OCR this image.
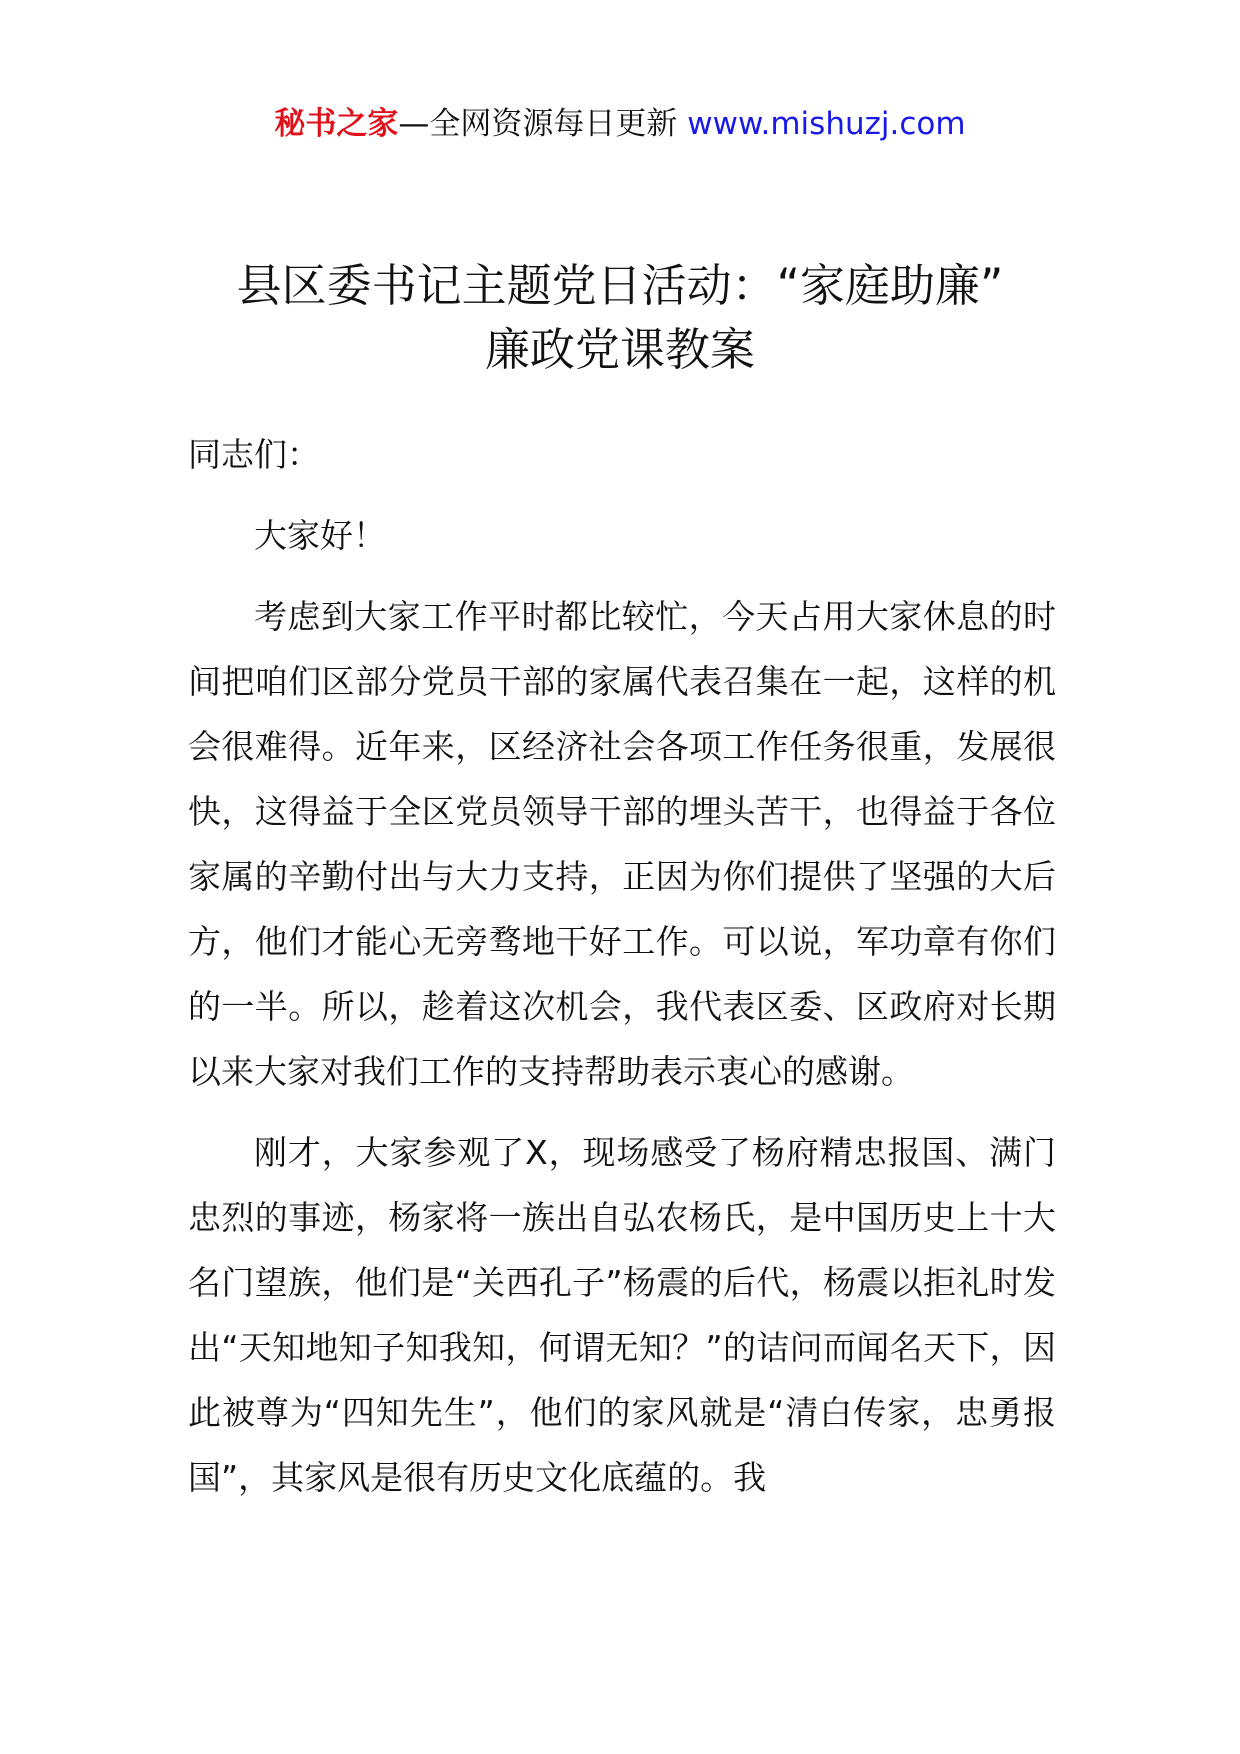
秘书之家—全网资源每日更新 www.mishuzj.com
县区委书记主题党日活动：“家庭助廉”
廉政党课教案

同志们：

大家好！

考虑到大家工作平时都比较忙，今天占用大家休息的时间把咱们区部分党员干部的家属代表召集在一起，这样的机会很难得。近年来，区经济社会各项工作任务很重，发展很快，这得益于全区党员领导干部的埋头苦干，也得益于各位家属的辛勤付出与大力支持，正因为你们提供了坚强的大后方，他们才能心无旁骛地干好工作。可以说，军功章有你们的一半。所以，趁着这次机会，我代表区委、区政府对长期以来大家对我们工作的支持帮助表示衷心的感谢。

刚才，大家参观了X，现场感受了杨府精忠报国、满门忠烈的事迹，杨家将一族出自弘农杨氏，是中国历史上十大名门望族，他们是“关西孔子”杨震的后代，杨震以拒礼时发出“天知地知子知我知，何谓无知？”的诘问而闻名天下，因此被尊为“四知先生”，他们的家风就是“清白传家，忠勇报国”，其家风是很有历史文化底蕴的。我
